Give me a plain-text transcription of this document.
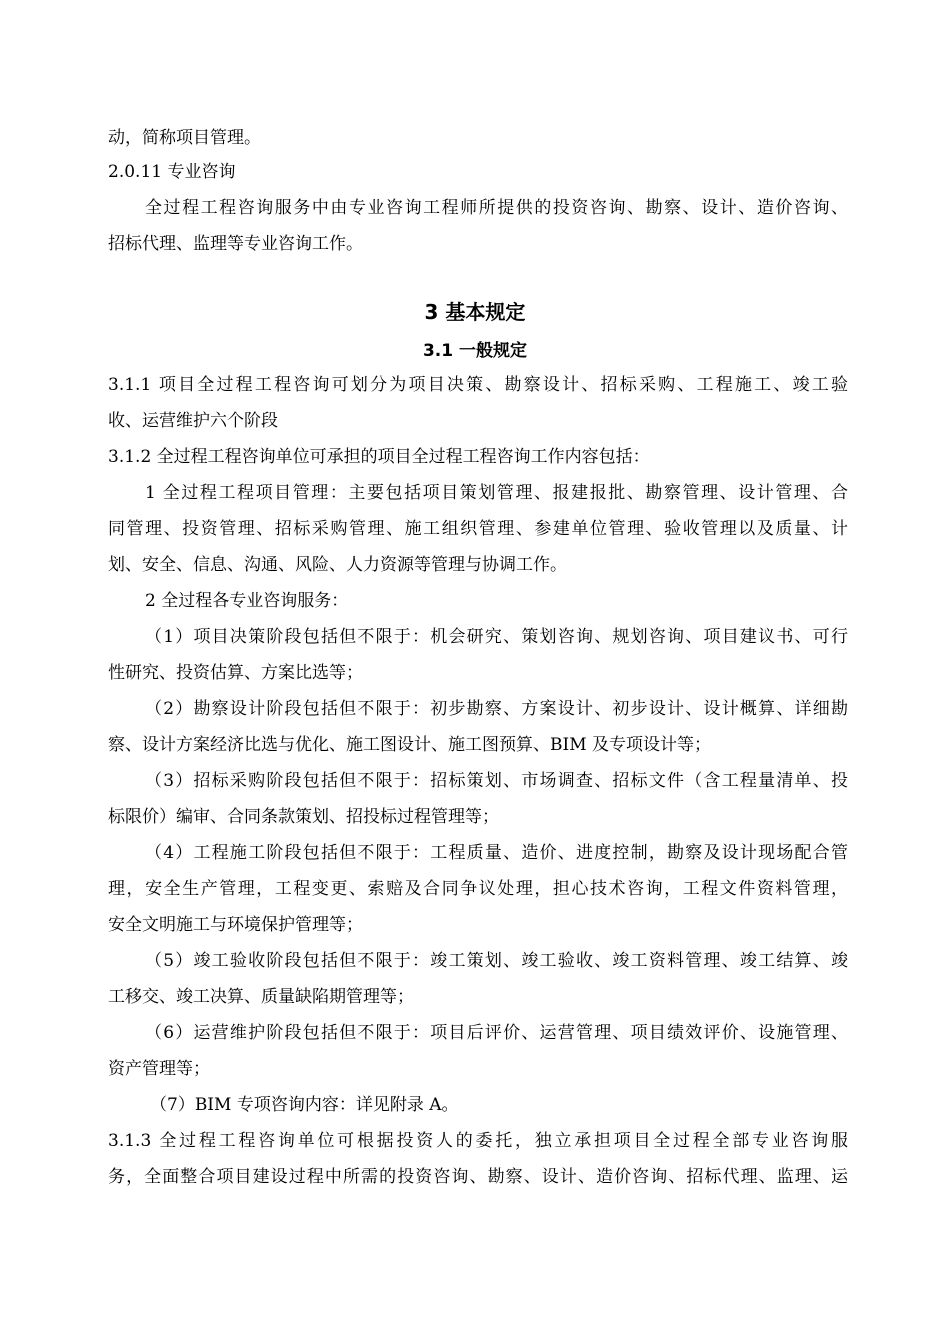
动，简称项目管理。
2.0.11 专业咨询
全过程工程咨询服务中由专业咨询工程师所提供的投资咨询、勘察、设计、造价咨询、
招标代理、监理等专业咨询工作。
3 基本规定
3.1 一般规定
3.1.1 项目全过程工程咨询可划分为项目决策、勘察设计、招标采购、工程施工、竣工验
收、运营维护六个阶段
3.1.2 全过程工程咨询单位可承担的项目全过程工程咨询工作内容包括：
1 全过程工程项目管理：主要包括项目策划管理、报建报批、勘察管理、设计管理、合
同管理、投资管理、招标采购管理、施工组织管理、参建单位管理、验收管理以及质量、计
划、安全、信息、沟通、风险、人力资源等管理与协调工作。
2 全过程各专业咨询服务：
（1）项目决策阶段包括但不限于：机会研究、策划咨询、规划咨询、项目建议书、可行
性研究、投资估算、方案比选等；
（2）勘察设计阶段包括但不限于：初步勘察、方案设计、初步设计、设计概算、详细勘
察、设计方案经济比选与优化、施工图设计、施工图预算、BIM 及专项设计等；
（3）招标采购阶段包括但不限于：招标策划、市场调查、招标文件（含工程量清单、投
标限价）编审、合同条款策划、招投标过程管理等；
（4）工程施工阶段包括但不限于：工程质量、造价、进度控制，勘察及设计现场配合管
理，安全生产管理，工程变更、索赔及合同争议处理，担心技术咨询，工程文件资料管理，
安全文明施工与环境保护管理等；
（5）竣工验收阶段包括但不限于：竣工策划、竣工验收、竣工资料管理、竣工结算、竣
工移交、竣工决算、质量缺陷期管理等；
（6）运营维护阶段包括但不限于：项目后评价、运营管理、项目绩效评价、设施管理、
资产管理等；
（7）BIM 专项咨询内容：详见附录 A。
3.1.3 全过程工程咨询单位可根据投资人的委托，独立承担项目全过程全部专业咨询服
务，全面整合项目建设过程中所需的投资咨询、勘察、设计、造价咨询、招标代理、监理、运
